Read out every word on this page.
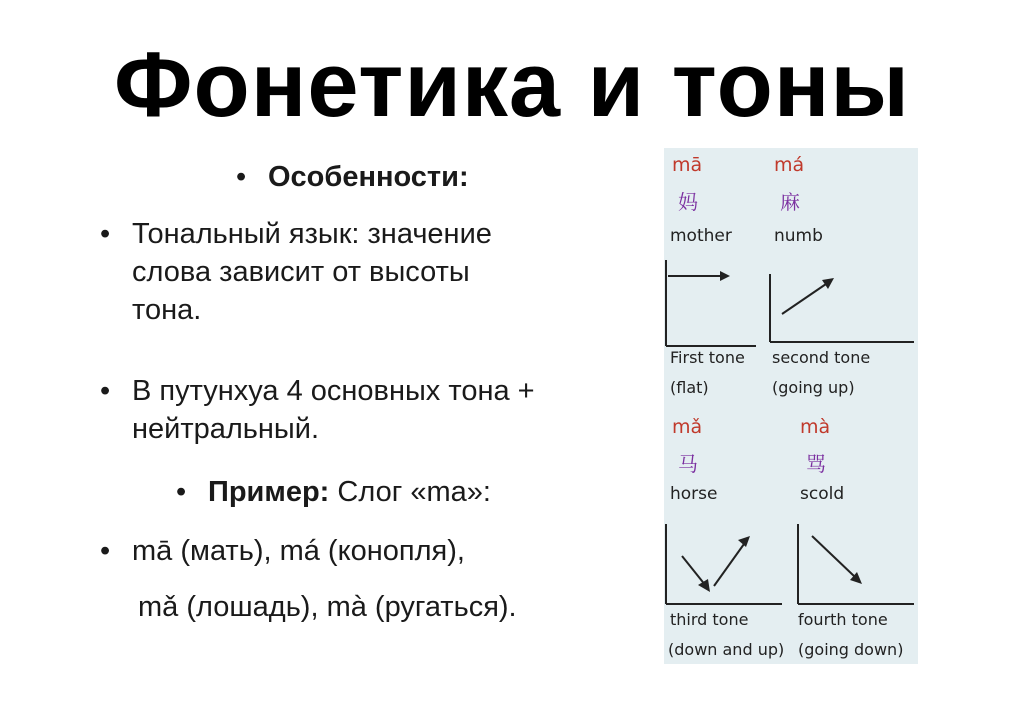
Фонетика и тоны
• Особенности:
• Тональный язык: значение
слова зависит от высоты
тона.
• В путунхуа 4 основных тона +
нейтральный.
• Пример: Слог «ma»:
• mā (мать), má (конопля),
mǎ (лошадь), mà (ругаться).
mā
妈
mother
First tone
(flat)
má
麻
numb
second tone
(going up)
mǎ
马
horse
third tone
(down and up)
mà
骂
scold
fourth tone
(going down)
